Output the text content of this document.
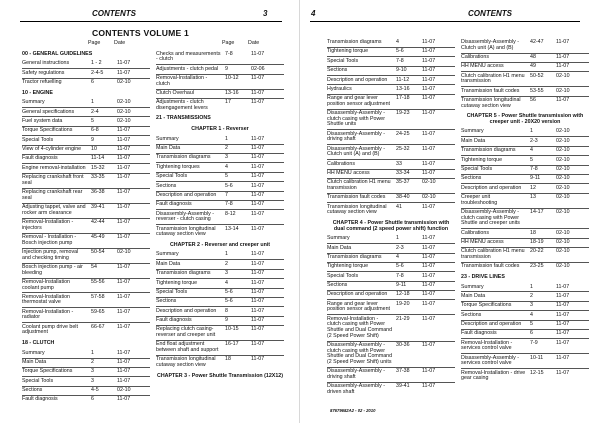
CONTENTS	3
CONTENTS VOLUME 1
Page	Date
00 - GENERAL GUIDELINES
General instructions	1 - 2	11-07
Safety regulations	2-4-5	11-07
Tractor refuelling	6	02-10
10 - ENGINE
Summary	1	02-10
General specifications	2-4	02-10
Fuel system data	5	02-10
Torque Specifications	6-8	11-07
Special Tools	9	11-07
View of 4-cylinder engine	10	11-07
Fault diagnosis	11-14	11-07
Engine removal-installation	15-32	11-07
Replacing crankshaft front seal
33-35	11-07
Replacing crankshaft rear seal
36-38	11-07
Adjusting tappet, valve and rocker arm clearance
39-41	11-07
Removal-Installation - injectors
42-44	11-07
Removal - Installation - Bosch injection pump
45-49	11-07
Injection pump, removal and checking timing
50-54	02-10
Bosch injection pump - air bleeding
54	11-07
Removal-Installation coolant pump
55-56	11-07
Removal-Installation thermostat valve
57-58	11-07
Removal-Installation - radiator
59-65	11-07
Coolant pump drive belt adjustment
66-67	11-07
18 - CLUTCH
Summary	1	11-07
Main Data	2	11-07
Torque Specifications	3	11-07
Special Tools	3	11-07
Sections	4-5	02-10
Fault diagnosis	6	11-07
Page	Date
Checks and measurements - clutch
7-8	11-07
Adjustments - clutch pedal	9	02-06
Removal-Installation - clutch
10-12	11-07
Clutch Overhaul	13-16	11-07
Adjustments - clutch disengagement levers
17	11-07
21 - TRANSMISSIONS
CHAPTER 1 - Reverser
Summary	1	11-07
Main Data	2	11-07
Transmission diagrams	3	11-07
Tightening torques	4	11-07
Special Tools	5	11-07
Sections	5-6	11-07
Description and operation	7	11-07
Fault diagnosis	7-8	11-07
Disassembly-Assembly - reverser - clutch casing
8-12	11-07
Transmission longitudinal cutaway section view
13-14	11-07
CHAPTER 2 - Reverser and creeper unit
Summary	1	11-07
Main Data	2	11-07
Transmission diagrams	3	11-07
Tightening torque	4	11-07
Special Tools	5-6	11-07
Sections	5-6	11-07
Description and operation	8	11-07
Fault diagnosis	9	11-07
Replacing clutch casing-reverser and creeper unit
10-15	11-07
End float adjustment between shaft and support
16-17	11-07
Transmission longitudinal cutaway section view
18	11-07
CHAPTER 3 - Power Shuttle Transmission (12X12)
4	CONTENTS
Transmission diagrams	4	11-07
Tightening torque	5-6	11-07
Special Tools	7-8	11-07
Sections	9-10	11-07
Description and operation	11-12	11-07
Hydraulics	13-16	11-07
Range and gear lever position sensor adjustment
17-18	11-07
Disassembly-Assembly - clutch casing with Power Shuttle units
19-23	11-07
Disassembly-Assembly - driving shaft
24-25	11-07
Disassembly-Assembly - Clutch unit (A) and (B)
25-32	11-07
Calibrations	33	11-07
HH MENU access	33-34	11-07
Clutch calibration H1 menu transmission
35-37	02-10
Transmission fault codes	38-40	02-10
Transmission longitudinal cutaway section view
41	11-07
CHAPTER 4 - Power Shuttle transmission with dual command (2 speed power shift) function
Summary	1	11-07
Main Data	2-3	11-07
Transmission diagrams	4	11-07
Tightening torque	5-6	11-07
Special Tools	7-8	11-07
Sections	9-11	11-07
Description and operation	12-18	11-07
Range and gear lever position sensor adjustment
19-20	11-07
Removal-Installation - clutch casing with Power Shuttle and Dual Command (2 Speed Power Shift)
21-29	11-07
Disassembly-Assembly - clutch casing with Power Shuttle and Dual Command (2 Speed Power Shift) units
30-36	11-07
Disassembly-Assembly - driving shaft
37-38	11-07
Disassembly-Assembly - driven shaft
39-41	11-07
Disassembly-Assembly - Clutch unit (A) and (B)
42-47	11-07
Calibrations	48	11-07
HH MENU access	49	11-07
Clutch calibration H1 menu transmission
50-52	02-10
Transmission fault codes	53-55	02-10
Transmission longitudinal cutaway section view
56	11-07
CHAPTER 5 - Power Shuttle transmission with creeper unit - 20X20 version
Summary	1	02-10
Main Data	2-3	02-10
Transmission diagrams	4	02-10
Tightening torque	5	02-10
Special Tools	7-8	02-10
Sections	9-11	02-10
Description and operation	12	02-10
Creeper unit troubleshooting
13	02-10
Disassembly-Assembly - clutch casing with Power Shuttle and creeper units
14-17	02-10
Calibrations	18	02-10
HH MENU access	18-19	02-10
Clutch calibration H1 menu transmission
20-22	02-10
Transmission fault codes	23-25	02-10
23 - DRIVE LINES
Summary	1	11-07
Main Data	2	11-07
Torque Specifications	3	11-07
Sections	4	11-07
Description and operation	5	11-07
Fault diagnosis	6	11-07
Removal-Installation - services control valve
7-9	11-07
Disassembly-Assembly - services control valve
10-11	11-07
Removal-Installation - drive gear casing
12-15	11-07
87679682A2 - 02 - 2010
